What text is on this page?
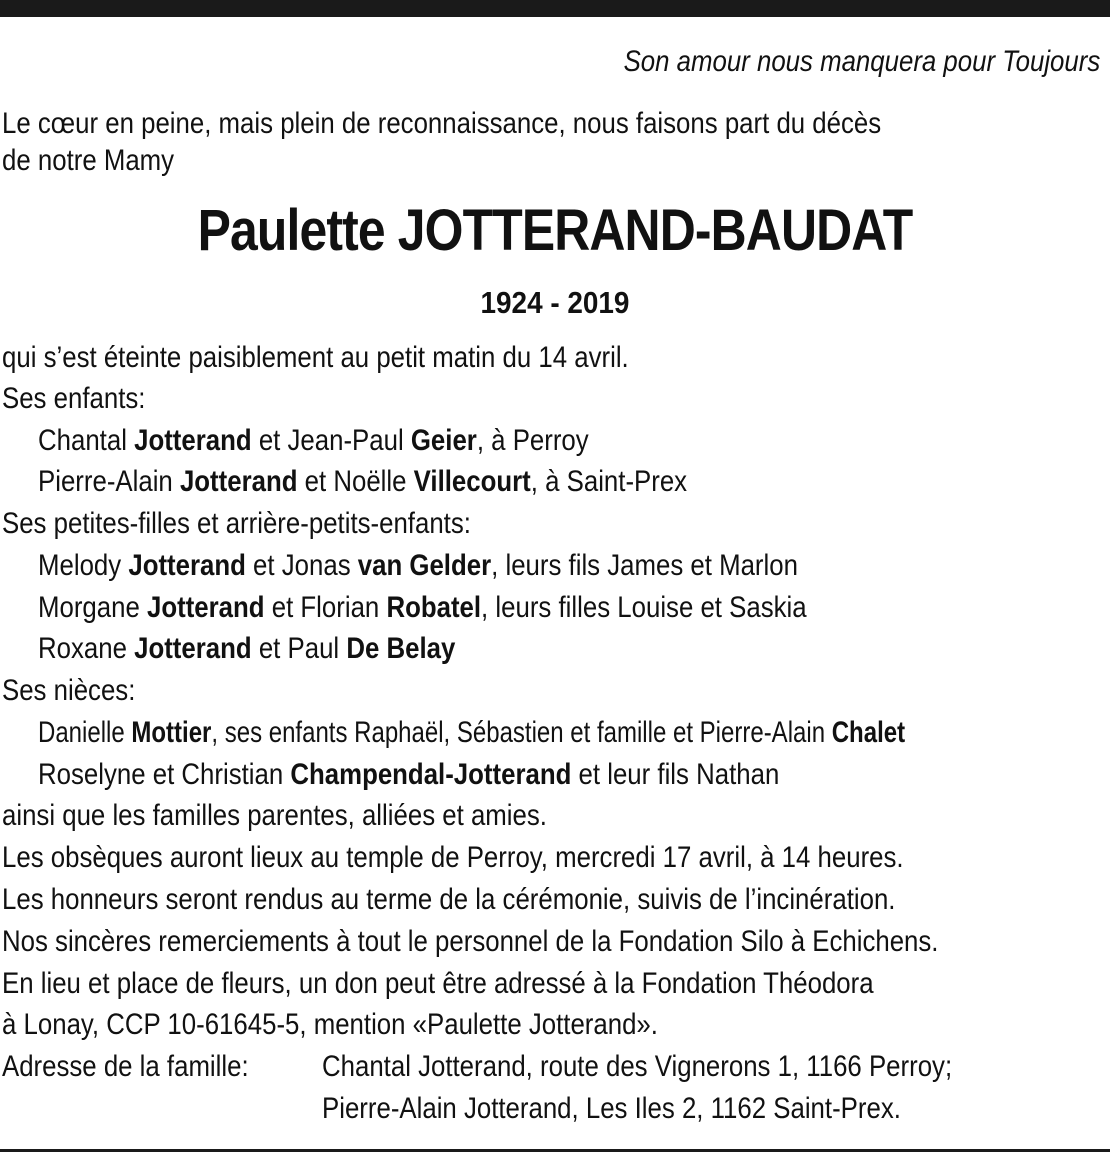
Son amour nous manquera pour Toujours
Le cœur en peine, mais plein de reconnaissance, nous faisons part du décès
de notre Mamy
Paulette JOTTERAND-BAUDAT
1924 - 2019
qui s’est éteinte paisiblement au petit matin du 14 avril.
Ses enfants:
Chantal Jotterand et Jean-Paul Geier, à Perroy
Pierre-Alain Jotterand et Noëlle Villecourt, à Saint-Prex
Ses petites-filles et arrière-petits-enfants:
Melody Jotterand et Jonas van Gelder, leurs fils James et Marlon
Morgane Jotterand et Florian Robatel, leurs filles Louise et Saskia
Roxane Jotterand et Paul De Belay
Ses nièces:
Danielle Mottier, ses enfants Raphaël, Sébastien et famille et Pierre-Alain Chalet
Roselyne et Christian Champendal-Jotterand et leur fils Nathan
ainsi que les familles parentes, alliées et amies.
Les obsèques auront lieux au temple de Perroy, mercredi 17 avril, à 14 heures.
Les honneurs seront rendus au terme de la cérémonie, suivis de l’incinération.
Nos sincères remerciements à tout le personnel de la Fondation Silo à Echichens.
En lieu et place de fleurs, un don peut être adressé à la Fondation Théodora
à Lonay, CCP 10-61645-5, mention «Paulette Jotterand».
Adresse de la famille: Chantal Jotterand, route des Vignerons 1, 1166 Perroy;
Pierre-Alain Jotterand, Les Iles 2, 1162 Saint-Prex.
